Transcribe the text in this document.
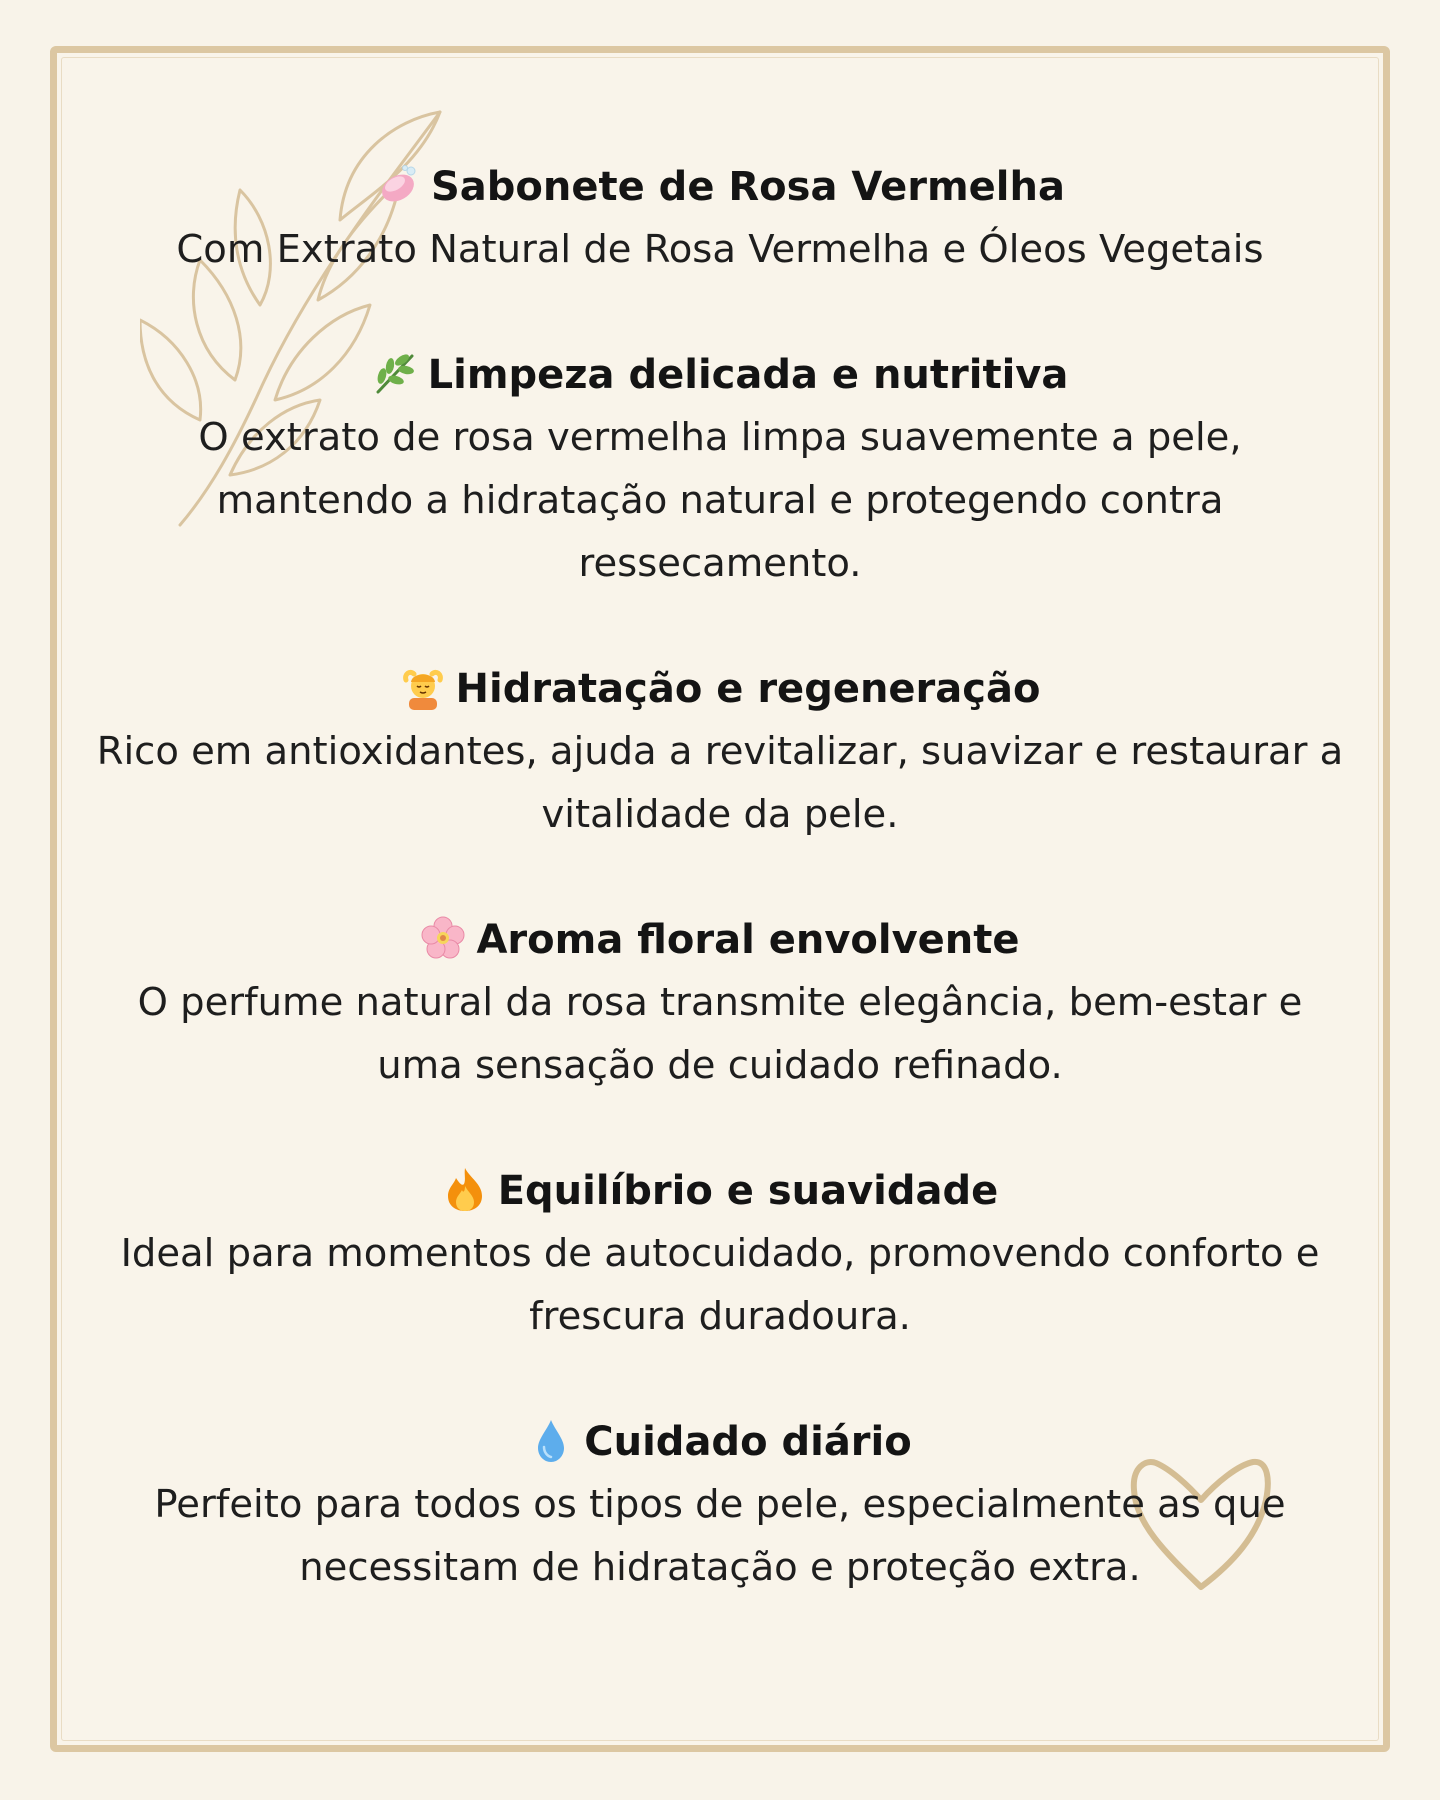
Sabonete de Rosa Vermelha
Com Extrato Natural de Rosa Vermelha e Óleos Vegetais
Limpeza delicada e nutritiva
O extrato de rosa vermelha limpa suavemente a pele,
mantendo a hidratação natural e protegendo contra
ressecamento.
Hidratação e regeneração
Rico em antioxidantes, ajuda a revitalizar, suavizar e restaurar a
vitalidade da pele.
Aroma floral envolvente
O perfume natural da rosa transmite elegância, bem-estar e
uma sensação de cuidado refinado.
Equilíbrio e suavidade
Ideal para momentos de autocuidado, promovendo conforto e
frescura duradoura.
Cuidado diário
Perfeito para todos os tipos de pele, especialmente as que
necessitam de hidratação e proteção extra.
